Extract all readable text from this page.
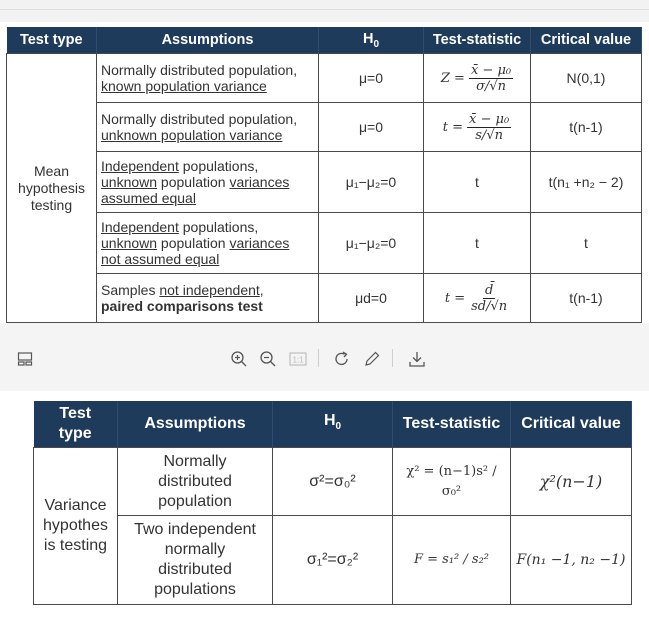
Test type	Assumptions	$H_0$	Test-statistic	Critical value
Mean hypothesis testing	Normally distributed population,
known population variance	μ=0	$Z = \frac{\text{x̄ − μ₀}}{\sigma/√n}$	N(0,1)
	Normally distributed population,
unknown population variance	μ=0	$t = \frac{\text{x̄ − μ₀}}{s/√n}$	t(n-1)
	Independent populations,
unknown population variances
assumed equal	μ₁−μ₂=0	t	t(n₁ +n₂ − 2)
	Independent populations,
unknown population variances
not assumed equal	μ₁−μ₂=0	t	t
	Samples not independent,
paired comparisons test	μd=0	$t = \frac{d̄}{sd/√n}$	t(n-1)
1:1
Test type	Assumptions	$H_0$	Test-statistic	Critical value
Variance hypothes is testing	Normally distributed population	σ²=σ₀²	χ² = (n−1)s² / σ₀²	χ²(n−1)
	Two independent normally distributed populations	σ₁²=σ₂²	F = s₁² / s₂²	F(n₁ −1, n₂ −1)
